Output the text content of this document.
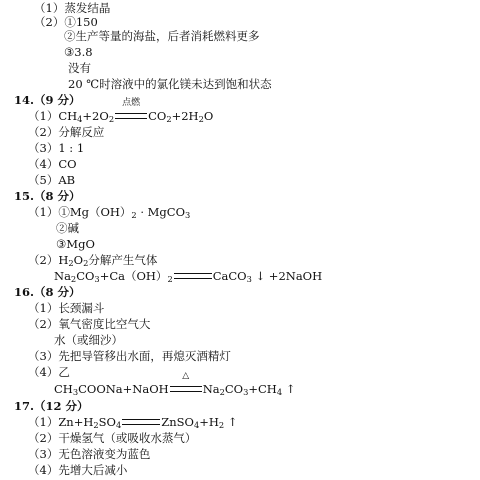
（1）蒸发结晶
（2）①150
②生产等量的海盐，后者消耗燃料更多
③3.8
没有
20 ℃时溶液中的氯化镁未达到饱和状态
14.（9 分）
$(1)CH_4+2O_2$
点燃
$CO_2+2H_2O$
（2）分解反应
（3）1 : 1
（4）CO
（5）AB
15.（8 分）
$(1)①Mg(OH)_2$ · MgCO$_3$
②碱
③MgO
$(2)H_2O_2$分解产生气体
$Na_2CO_3+Ca(OH)_2$	CaCO$_3$ ↓ +2NaOH
16.（8 分）
（1）长颈漏斗
（2）氧气密度比空气大
水（或细沙）
（3）先把导管移出水面，再熄灭酒精灯
（4）乙
$CH_3COONa+NaOH$
△
$Na_2CO_3+CH_4$ ↑
17.（12 分）
$(1)Zn+H_2SO_4$	$ZnSO_4+H_2$ ↑
（2）干燥氢气（或吸收水蒸气）
（3）无色溶液变为蓝色
（4）先增大后减小
